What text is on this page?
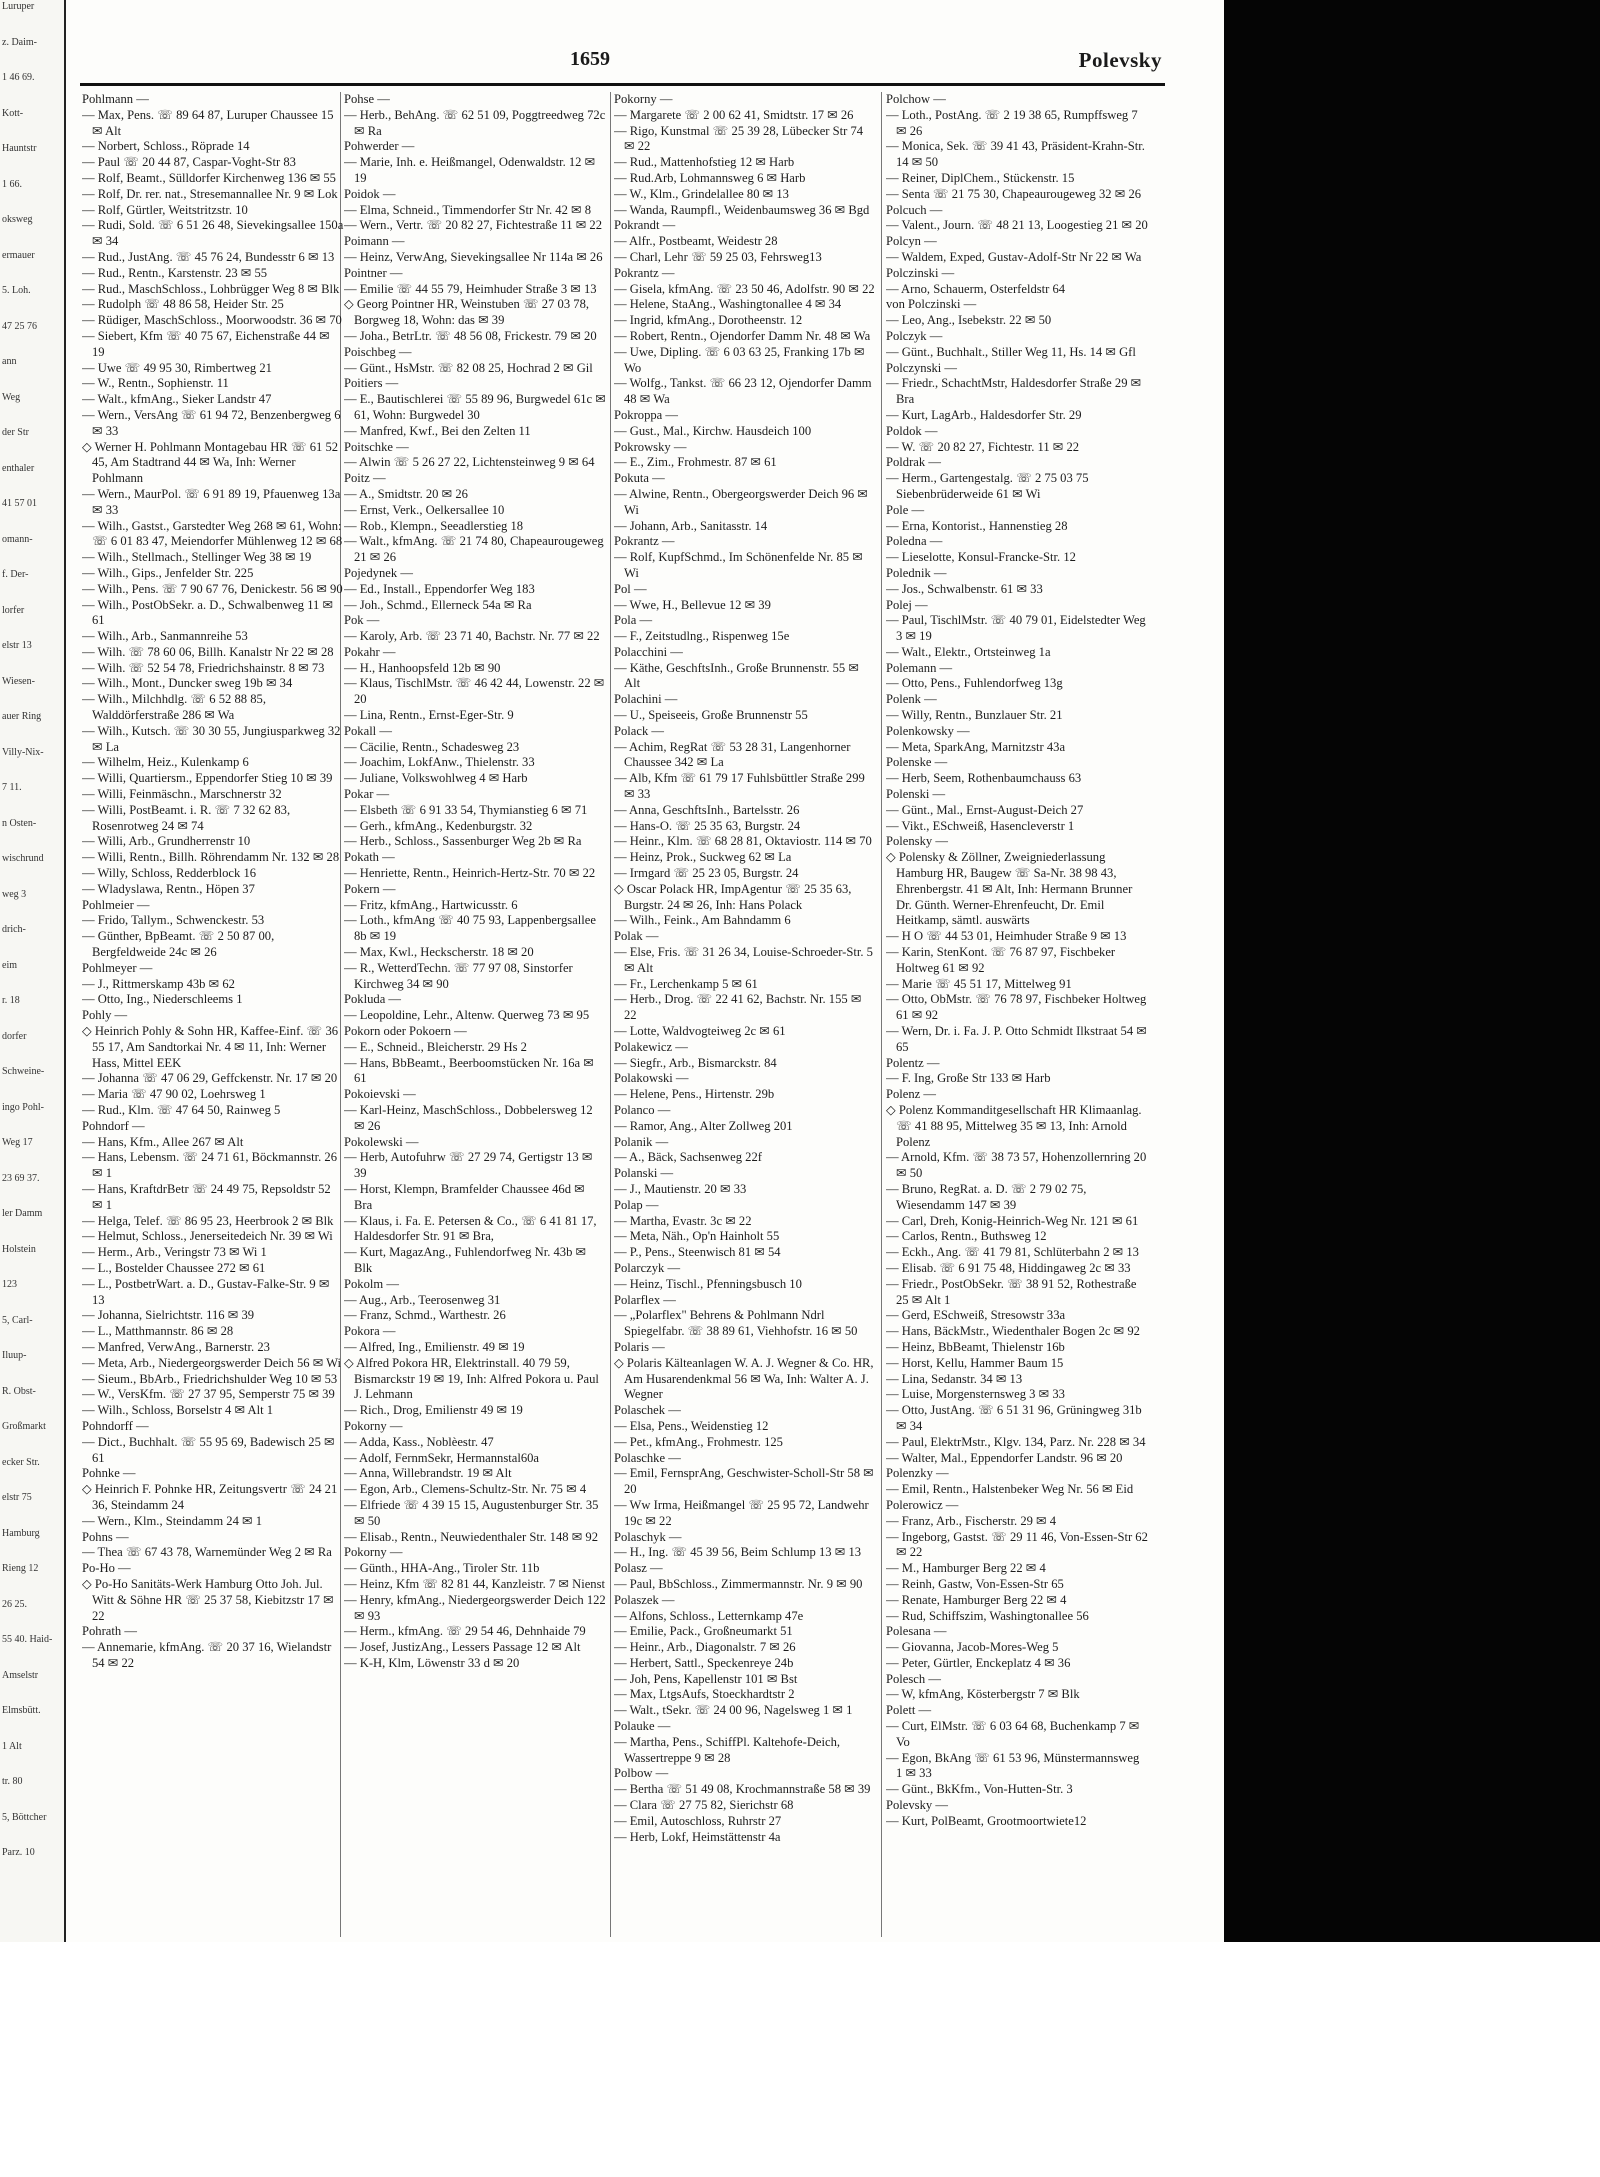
Luruper
z. Daim-
1 46 69.
Kott-
Hauntstr
1 66.
oksweg
ermauer
5. Loh.
47 25 76
ann
Weg
der Str
enthaler
41 57 01
omann-
f. Der-
lorfer
elstr 13
Wiesen-
auer Ring
Villy-Nix-
7 11.
n Osten-
wischrund
weg 3
drich-
eim
r. 18
dorfer
Schweine-
ingo Pohl-
Weg 17
23 69 37.
ler Damm
Holstein
123
5, Carl-
Iluup-
R. Obst-
Großmarkt
ecker Str.
elstr 75
Hamburg
Rieng 12
26 25.
55 40. Haid-
Amselstr
Elmsbütt.
1 Alt
tr. 80
5, Böttcher
Parz. 10
1659	Polevsky
Pohlmann —
— Max, Pens. ☏ 89 64 87, Luruper Chaussee 15 ✉ Alt
— Norbert, Schloss., Röprade 14
— Paul ☏ 20 44 87, Caspar-Voght-Str 83
— Rolf, Beamt., Sülldorfer Kirchenweg 136 ✉ 55
— Rolf, Dr. rer. nat., Stresemannallee Nr. 9 ✉ Lok
— Rolf, Gürtler, Weitstritzstr. 10
— Rudi, Sold. ☏ 6 51 26 48, Sievekingsallee 150a ✉ 34
— Rud., JustAng. ☏ 45 76 24, Bundesstr 6 ✉ 13
— Rud., Rentn., Karstenstr. 23 ✉ 55
— Rud., MaschSchloss., Lohbrügger Weg 8 ✉ Blk
— Rudolph ☏ 48 86 58, Heider Str. 25
— Rüdiger, MaschSchloss., Moorwoodstr. 36 ✉ 70
— Siebert, Kfm ☏ 40 75 67, Eichenstraße 44 ✉ 19
— Uwe ☏ 49 95 30, Rimbertweg 21
— W., Rentn., Sophienstr. 11
— Walt., kfmAng., Sieker Landstr 47
— Wern., VersAng ☏ 61 94 72, Benzenbergweg 6 ✉ 33
◇ Werner H. Pohlmann Montagebau HR ☏ 61 52 45, Am Stadtrand 44 ✉ Wa, Inh: Werner Pohlmann
— Wern., MaurPol. ☏ 6 91 89 19, Pfauenweg 13a ✉ 33
— Wilh., Gastst., Garstedter Weg 268 ✉ 61, Wohn: ☏ 6 01 83 47, Meiendorfer Mühlenweg 12 ✉ 68
— Wilh., Stellmach., Stellinger Weg 38 ✉ 19
— Wilh., Gips., Jenfelder Str. 225
— Wilh., Pens. ☏ 7 90 67 76, Denickestr. 56 ✉ 90
— Wilh., PostObSekr. a. D., Schwalbenweg 11 ✉ 61
— Wilh., Arb., Sanmannreihe 53
— Wilh. ☏ 78 60 06, Billh. Kanalstr Nr 22 ✉ 28
— Wilh. ☏ 52 54 78, Friedrichshainstr. 8 ✉ 73
— Wilh., Mont., Duncker sweg 19b ✉ 34
— Wilh., Milchhdlg. ☏ 6 52 88 85, Walddörferstraße 286 ✉ Wa
— Wilh., Kutsch. ☏ 30 30 55, Jungiusparkweg 32 ✉ La
— Wilhelm, Heiz., Kulenkamp 6
— Willi, Quartiersm., Eppendorfer Stieg 10 ✉ 39
— Willi, Feinmäschn., Marschnerstr 32
— Willi, PostBeamt. i. R. ☏ 7 32 62 83, Rosenrotweg 24 ✉ 74
— Willi, Arb., Grundherrenstr 10
— Willi, Rentn., Billh. Röhrendamm Nr. 132 ✉ 28
— Willy, Schloss, Redderblock 16
— Wladyslawa, Rentn., Höpen 37
Pohlmeier —
— Frido, Tallym., Schwenckestr. 53
— Günther, BpBeamt. ☏ 2 50 87 00, Bergfeldweide 24c ✉ 26
Pohlmeyer —
— J., Rittmerskamp 43b ✉ 62
— Otto, Ing., Niederschleems 1
Pohly —
◇ Heinrich Pohly & Sohn HR, Kaffee-Einf. ☏ 36 55 17, Am Sandtorkai Nr. 4 ✉ 11, Inh: Werner Hass, Mittel EEK
— Johanna ☏ 47 06 29, Geffckenstr. Nr. 17 ✉ 20
— Maria ☏ 47 90 02, Loehrsweg 1
— Rud., Klm. ☏ 47 64 50, Rainweg 5
Pohndorf —
— Hans, Kfm., Allee 267 ✉ Alt
— Hans, Lebensm. ☏ 24 71 61, Böckmannstr. 26 ✉ 1
— Hans, KraftdrBetr ☏ 24 49 75, Repsoldstr 52 ✉ 1
— Helga, Telef. ☏ 86 95 23, Heerbrook 2 ✉ Blk
— Helmut, Schloss., Jenerseitedeich Nr. 39 ✉ Wi
— Herm., Arb., Veringstr 73 ✉ Wi 1
— L., Bostelder Chaussee 272 ✉ 61
— L., PostbetrWart. a. D., Gustav-Falke-Str. 9 ✉ 13
— Johanna, Sielrichtstr. 116 ✉ 39
— L., Matthmannstr. 86 ✉ 28
— Manfred, VerwAng., Barnerstr. 23
— Meta, Arb., Niedergeorgswerder Deich 56 ✉ Wi
— Sieum., BbArb., Friedrichshulder Weg 10 ✉ 53
— W., VersKfm. ☏ 27 37 95, Semperstr 75 ✉ 39
— Wilh., Schloss, Borselstr 4 ✉ Alt 1
Pohndorff —
— Dict., Buchhalt. ☏ 55 95 69, Badewisch 25 ✉ 61
Pohnke —
◇ Heinrich F. Pohnke HR, Zeitungsvertr ☏ 24 21 36, Steindamm 24
— Wern., Klm., Steindamm 24 ✉ 1
Pohns —
— Thea ☏ 67 43 78, Warnemünder Weg 2 ✉ Ra
Po-Ho —
◇ Po-Ho Sanitäts-Werk Hamburg Otto Joh. Jul. Witt & Söhne HR ☏ 25 37 58, Kiebitzstr 17 ✉ 22
Pohrath —
— Annemarie, kfmAng. ☏ 20 37 16, Wielandstr 54 ✉ 22
Pohse —
— Herb., BehAng. ☏ 62 51 09, Poggtreedweg 72c ✉ Ra
Pohwerder —
— Marie, Inh. e. Heißmangel, Odenwaldstr. 12 ✉ 19
Poidok —
— Elma, Schneid., Timmendorfer Str Nr. 42 ✉ 8
— Wern., Vertr. ☏ 20 82 27, Fichtestraße 11 ✉ 22
Poimann —
— Heinz, VerwAng, Sievekingsallee Nr 114a ✉ 26
Pointner —
— Emilie ☏ 44 55 79, Heimhuder Straße 3 ✉ 13
◇ Georg Pointner HR, Weinstuben ☏ 27 03 78, Borgweg 18, Wohn: das ✉ 39
— Joha., BetrLtr. ☏ 48 56 08, Frickestr. 79 ✉ 20
Poischbeg —
— Günt., HsMstr. ☏ 82 08 25, Hochrad 2 ✉ Gil
Poitiers —
— E., Bautischlerei ☏ 55 89 96, Burgwedel 61c ✉ 61, Wohn: Burgwedel 30
— Manfred, Kwf., Bei den Zelten 11
Poitschke —
— Alwin ☏ 5 26 27 22, Lichtensteinweg 9 ✉ 64
Poitz —
— A., Smidtstr. 20 ✉ 26
— Ernst, Verk., Oelkersallee 10
— Rob., Klempn., Seeadlerstieg 18
— Walt., kfmAng. ☏ 21 74 80, Chapeaurougeweg 21 ✉ 26
Pojedynek —
— Ed., Install., Eppendorfer Weg 183
— Joh., Schmd., Ellerneck 54a ✉ Ra
Pok —
— Karoly, Arb. ☏ 23 71 40, Bachstr. Nr. 77 ✉ 22
Pokahr —
— H., Hanhoopsfeld 12b ✉ 90
— Klaus, TischlMstr. ☏ 46 42 44, Lowenstr. 22 ✉ 20
— Lina, Rentn., Ernst-Eger-Str. 9
Pokall —
— Cäcilie, Rentn., Schadesweg 23
— Joachim, LokfAnw., Thielenstr. 33
— Juliane, Volkswohlweg 4 ✉ Harb
Pokar —
— Elsbeth ☏ 6 91 33 54, Thymianstieg 6 ✉ 71
— Gerh., kfmAng., Kedenburgstr. 32
— Herb., Schloss., Sassenburger Weg 2b ✉ Ra
Pokath —
— Henriette, Rentn., Heinrich-Hertz-Str. 70 ✉ 22
Pokern —
— Fritz, kfmAng., Hartwicusstr. 6
— Loth., kfmAng ☏ 40 75 93, Lappenbergsallee 8b ✉ 19
— Max, Kwl., Heckscherstr. 18 ✉ 20
— R., WetterdTechn. ☏ 77 97 08, Sinstorfer Kirchweg 34 ✉ 90
Pokluda —
— Leopoldine, Lehr., Altenw. Querweg 73 ✉ 95
Pokorn oder Pokoern —
— E., Schneid., Bleicherstr. 29 Hs 2
— Hans, BbBeamt., Beerboomstücken Nr. 16a ✉ 61
Pokoievski —
— Karl-Heinz, MaschSchloss., Dobbelersweg 12 ✉ 26
Pokolewski —
— Herb, Autofuhrw ☏ 27 29 74, Gertigstr 13 ✉ 39
— Horst, Klempn, Bramfelder Chaussee 46d ✉ Bra
— Klaus, i. Fa. E. Petersen & Co., ☏ 6 41 81 17, Haldesdorfer Str. 91 ✉ Bra,
— Kurt, MagazAng., Fuhlendorfweg Nr. 43b ✉ Blk
Pokolm —
— Aug., Arb., Teerosenweg 31
— Franz, Schmd., Warthestr. 26
Pokora —
— Alfred, Ing., Emilienstr. 49 ✉ 19
◇ Alfred Pokora HR, Elektrinstall. 40 79 59, Bismarckstr 19 ✉ 19, Inh: Alfred Pokora u. Paul J. Lehmann
— Rich., Drog, Emilienstr 49 ✉ 19
Pokorny —
— Adda, Kass., Noblèestr. 47
— Adolf, FernmSekr, Hermannstal60a
— Anna, Willebrandstr. 19 ✉ Alt
— Egon, Arb., Clemens-Schultz-Str. Nr. 75 ✉ 4
— Elfriede ☏ 4 39 15 15, Augustenburger Str. 35 ✉ 50
— Elisab., Rentn., Neuwiedenthaler Str. 148 ✉ 92
Pokorny —
— Günth., HHA-Ang., Tiroler Str. 11b
— Heinz, Kfm ☏ 82 81 44, Kanzleistr. 7 ✉ Nienst
— Henry, kfmAng., Niedergeorgswerder Deich 122 ✉ 93
— Herm., kfmAng. ☏ 29 54 46, Dehnhaide 79
— Josef, JustizAng., Lessers Passage 12 ✉ Alt
— K-H, Klm, Löwenstr 33 d ✉ 20
Pokorny —
— Margarete ☏ 2 00 62 41, Smidtstr. 17 ✉ 26
— Rigo, Kunstmal ☏ 25 39 28, Lübecker Str 74 ✉ 22
— Rud., Mattenhofstieg 12 ✉ Harb
— Rud.Arb, Lohmannsweg 6 ✉ Harb
— W., Klm., Grindelallee 80 ✉ 13
— Wanda, Raumpfl., Weidenbaumsweg 36 ✉ Bgd
Pokrandt —
— Alfr., Postbeamt, Weidestr 28
— Charl, Lehr ☏ 59 25 03, Fehrsweg13
Pokrantz —
— Gisela, kfmAng. ☏ 23 50 46, Adolfstr. 90 ✉ 22
— Helene, StaAng., Washingtonallee 4 ✉ 34
— Ingrid, kfmAng., Dorotheenstr. 12
— Robert, Rentn., Ojendorfer Damm Nr. 48 ✉ Wa
— Uwe, Dipling. ☏ 6 03 63 25, Franking 17b ✉ Wo
— Wolfg., Tankst. ☏ 66 23 12, Ojendorfer Damm 48 ✉ Wa
Pokroppa —
— Gust., Mal., Kirchw. Hausdeich 100
Pokrowsky —
— E., Zim., Frohmestr. 87 ✉ 61
Pokuta —
— Alwine, Rentn., Obergeorgswerder Deich 96 ✉ Wi
— Johann, Arb., Sanitasstr. 14
Pokrantz —
— Rolf, KupfSchmd., Im Schönenfelde Nr. 85 ✉ Wi
Pol —
— Wwe, H., Bellevue 12 ✉ 39
Pola —
— F., Zeitstudlng., Rispenweg 15e
Polacchini —
— Käthe, GeschftsInh., Große Brunnenstr. 55 ✉ Alt
Polachini —
— U., Speiseeis, Große Brunnenstr 55
Polack —
— Achim, RegRat ☏ 53 28 31, Langenhorner Chaussee 342 ✉ La
— Alb, Kfm ☏ 61 79 17 Fuhlsbüttler Straße 299 ✉ 33
— Anna, GeschftsInh., Bartelsstr. 26
— Hans-O. ☏ 25 35 63, Burgstr. 24
— Heinr., Klm. ☏ 68 28 81, Oktaviostr. 114 ✉ 70
— Heinz, Prok., Suckweg 62 ✉ La
— Irmgard ☏ 25 23 05, Burgstr. 24
◇ Oscar Polack HR, ImpAgentur ☏ 25 35 63, Burgstr. 24 ✉ 26, Inh: Hans Polack
— Wilh., Feink., Am Bahndamm 6
Polak —
— Else, Fris. ☏ 31 26 34, Louise-Schroeder-Str. 5 ✉ Alt
— Fr., Lerchenkamp 5 ✉ 61
— Herb., Drog. ☏ 22 41 62, Bachstr. Nr. 155 ✉ 22
— Lotte, Waldvogteiweg 2c ✉ 61
Polakewicz —
— Siegfr., Arb., Bismarckstr. 84
Polakowski —
— Helene, Pens., Hirtenstr. 29b
Polanco —
— Ramor, Ang., Alter Zollweg 201
Polanik —
— A., Bäck, Sachsenweg 22f
Polanski —
— J., Mautienstr. 20 ✉ 33
Polap —
— Martha, Evastr. 3c ✉ 22
— Meta, Näh., Op'n Hainholt 55
— P., Pens., Steenwisch 81 ✉ 54
Polarczyk —
— Heinz, Tischl., Pfenningsbusch 10
Polarflex —
— „Polarflex" Behrens & Pohlmann Ndrl Spiegelfabr. ☏ 38 89 61, Viehhofstr. 16 ✉ 50
Polaris —
◇ Polaris Kälteanlagen W. A. J. Wegner & Co. HR, Am Husarendenkmal 56 ✉ Wa, Inh: Walter A. J. Wegner
Polaschek —
— Elsa, Pens., Weidenstieg 12
— Pet., kfmAng., Frohmestr. 125
Polaschke —
— Emil, FernsprAng, Geschwister-Scholl-Str 58 ✉ 20
— Ww Irma, Heißmangel ☏ 25 95 72, Landwehr 19c ✉ 22
Polaschyk —
— H., Ing. ☏ 45 39 56, Beim Schlump 13 ✉ 13
Polasz —
— Paul, BbSchloss., Zimmermannstr. Nr. 9 ✉ 90
Polaszek —
— Alfons, Schloss., Letternkamp 47e
— Emilie, Pack., Großneumarkt 51
— Heinr., Arb., Diagonalstr. 7 ✉ 26
— Herbert, Sattl., Speckenreye 24b
— Joh, Pens, Kapellenstr 101 ✉ Bst
— Max, LtgsAufs, Stoeckhardtstr 2
— Walt., tSekr. ☏ 24 00 96, Nagelsweg 1 ✉ 1
Polauke —
— Martha, Pens., SchiffPl. Kaltehofe-Deich, Wassertreppe 9 ✉ 28
Polbow —
— Bertha ☏ 51 49 08, Krochmannstraße 58 ✉ 39
— Clara ☏ 27 75 82, Sierichstr 68
— Emil, Autoschloss, Ruhrstr 27
— Herb, Lokf, Heimstättenstr 4a
Polchow —
— Loth., PostAng. ☏ 2 19 38 65, Rumpffsweg 7 ✉ 26
— Monica, Sek. ☏ 39 41 43, Präsident-Krahn-Str. 14 ✉ 50
— Reiner, DiplChem., Stückenstr. 15
— Senta ☏ 21 75 30, Chapeaurougeweg 32 ✉ 26
Polcuch —
— Valent., Journ. ☏ 48 21 13, Loogestieg 21 ✉ 20
Polcyn —
— Waldem, Exped, Gustav-Adolf-Str Nr 22 ✉ Wa
Polczinski —
— Arno, Schauerm, Osterfeldstr 64
von Polczinski —
— Leo, Ang., Isebekstr. 22 ✉ 50
Polczyk —
— Günt., Buchhalt., Stiller Weg 11, Hs. 14 ✉ Gfl
Polczynski —
— Friedr., SchachtMstr, Haldesdorfer Straße 29 ✉ Bra
— Kurt, LagArb., Haldesdorfer Str. 29
Poldok —
— W. ☏ 20 82 27, Fichtestr. 11 ✉ 22
Poldrak —
— Herm., Gartengestalg. ☏ 2 75 03 75 Siebenbrüderweide 61 ✉ Wi
Pole —
— Erna, Kontorist., Hannenstieg 28
Poledna —
— Lieselotte, Konsul-Francke-Str. 12
Polednik —
— Jos., Schwalbenstr. 61 ✉ 33
Polej —
— Paul, TischlMstr. ☏ 40 79 01, Eidelstedter Weg 3 ✉ 19
— Walt., Elektr., Ortsteinweg 1a
Polemann —
— Otto, Pens., Fuhlendorfweg 13g
Polenk —
— Willy, Rentn., Bunzlauer Str. 21
Polenkowsky —
— Meta, SparkAng, Marnitzstr 43a
Polenske —
— Herb, Seem, Rothenbaumchauss 63
Polenski —
— Günt., Mal., Ernst-August-Deich 27
— Vikt., ESchweiß, Hasencleverstr 1
Polensky —
◇ Polensky & Zöllner, Zweigniederlassung Hamburg HR, Baugew ☏ Sa-Nr. 38 98 43, Ehrenbergstr. 41 ✉ Alt, Inh: Hermann Brunner Dr. Günth. Werner-Ehrenfeucht, Dr. Emil Heitkamp, sämtl. auswärts
— H O ☏ 44 53 01, Heimhuder Straße 9 ✉ 13
— Karin, StenKont. ☏ 76 87 97, Fischbeker Holtweg 61 ✉ 92
— Marie ☏ 45 51 17, Mittelweg 91
— Otto, ObMstr. ☏ 76 78 97, Fischbeker Holtweg 61 ✉ 92
— Wern, Dr. i. Fa. J. P. Otto Schmidt Ilkstraat 54 ✉ 65
Polentz —
— F. Ing, Große Str 133 ✉ Harb
Polenz —
◇ Polenz Kommanditgesellschaft HR Klimaanlag. ☏ 41 88 95, Mittelweg 35 ✉ 13, Inh: Arnold Polenz
— Arnold, Kfm. ☏ 38 73 57, Hohenzollernring 20 ✉ 50
— Bruno, RegRat. a. D. ☏ 2 79 02 75, Wiesendamm 147 ✉ 39
— Carl, Dreh, Konig-Heinrich-Weg Nr. 121 ✉ 61
— Carlos, Rentn., Buthsweg 12
— Eckh., Ang. ☏ 41 79 81, Schlüterbahn 2 ✉ 13
— Elisab. ☏ 6 91 75 48, Hiddingaweg 2c ✉ 33
— Friedr., PostObSekr. ☏ 38 91 52, Rothestraße 25 ✉ Alt 1
— Gerd, ESchweiß, Stresowstr 33a
— Hans, BäckMstr., Wiedenthaler Bogen 2c ✉ 92
— Heinz, BbBeamt, Thielenstr 16b
— Horst, Kellu, Hammer Baum 15
— Lina, Sedanstr. 34 ✉ 13
— Luise, Morgensternsweg 3 ✉ 33
— Otto, JustAng. ☏ 6 51 31 96, Grüningweg 31b ✉ 34
— Paul, ElektrMstr., Klgv. 134, Parz. Nr. 228 ✉ 34
— Walter, Mal., Eppendorfer Landstr. 96 ✉ 20
Polenzky —
— Emil, Rentn., Halstenbeker Weg Nr. 56 ✉ Eid
Polerowicz —
— Franz, Arb., Fischerstr. 29 ✉ 4
— Ingeborg, Gastst. ☏ 29 11 46, Von-Essen-Str 62 ✉ 22
— M., Hamburger Berg 22 ✉ 4
— Reinh, Gastw, Von-Essen-Str 65
— Renate, Hamburger Berg 22 ✉ 4
— Rud, Schiffszim, Washingtonallee 56
Polesana —
— Giovanna, Jacob-Mores-Weg 5
— Peter, Gürtler, Enckeplatz 4 ✉ 36
Polesch —
— W, kfmAng, Kösterbergstr 7 ✉ Blk
Polett —
— Curt, ElMstr. ☏ 6 03 64 68, Buchenkamp 7 ✉ Vo
— Egon, BkAng ☏ 61 53 96, Münstermannsweg 1 ✉ 33
— Günt., BkKfm., Von-Hutten-Str. 3
Polevsky —
— Kurt, PolBeamt, Grootmoortwiete12
